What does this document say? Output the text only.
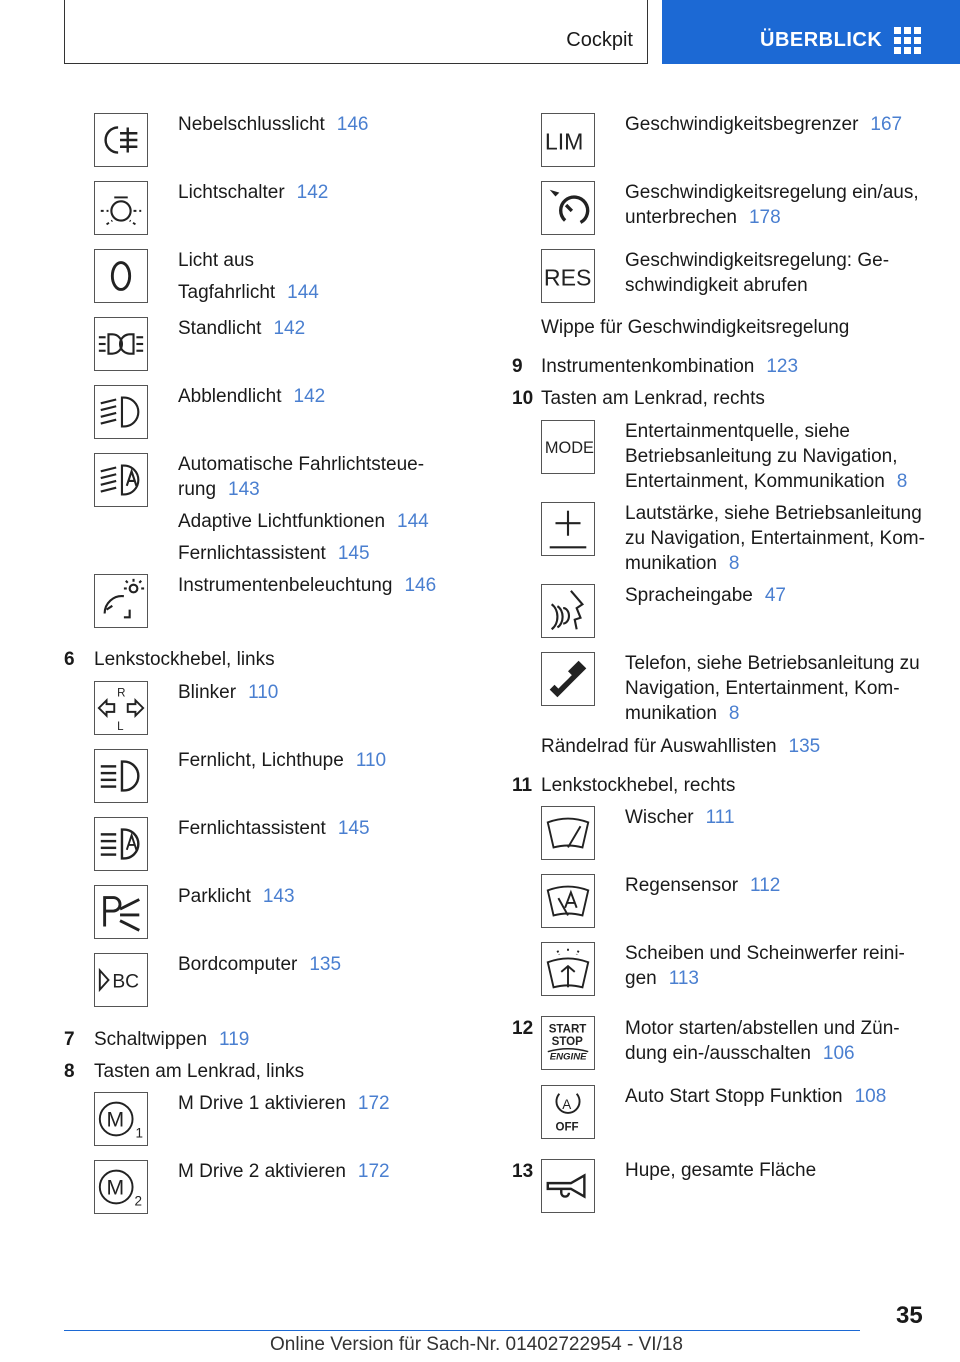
Cockpit	ÜBERBLICK
Nebelschlusslicht 146
Lichtschalter 142
Licht aus
Tagfahrlicht 144
Standlicht 142
Abblendlicht 142
Automatische Fahrlichtsteue-
rung 143
Adaptive Lichtfunktionen 144
Fernlichtassistent 145
Instrumentenbeleuchtung 146
6 Lenkstockhebel, links
R
L
Blinker 110
Fernlicht, Lichthupe 110
Fernlichtassistent 145
Parklicht 143
BC
Bordcomputer 135
7 Schaltwippen 119
8 Tasten am Lenkrad, links
M
1
M Drive 1 aktivieren 172
M
2
M Drive 2 aktivieren 172
LIM
Geschwindigkeitsbegrenzer 167
Geschwindigkeitsregelung ein/aus,
unterbrechen 178
RES
Geschwindigkeitsregelung: Ge-
schwindigkeit abrufen
Wippe für Geschwindigkeitsregelung
9 Instrumentenkombination 123
10 Tasten am Lenkrad, rechts
MODE
Entertainmentquelle, siehe
Betriebsanleitung zu Navigation,
Entertainment, Kommunikation 8
Lautstärke, siehe Betriebsanleitung
zu Navigation, Entertainment, Kom-
munikation 8
Spracheingabe 47
Telefon, siehe Betriebsanleitung zu
Navigation, Entertainment, Kom-
munikation 8
Rändelrad für Auswahllisten 135
11 Lenkstockhebel, rechts
Wischer 111
Regensensor 112
Scheiben und Scheinwerfer reini-
gen 113
12 START
STOP
ENGINE
Motor starten/abstellen und Zün-
dung ein-/ausschalten 106
A
OFF
Auto Start Stopp Funktion 108
13	Hupe, gesamte Fläche
35
Online Version für Sach-Nr. 01402722954 - VI/18
